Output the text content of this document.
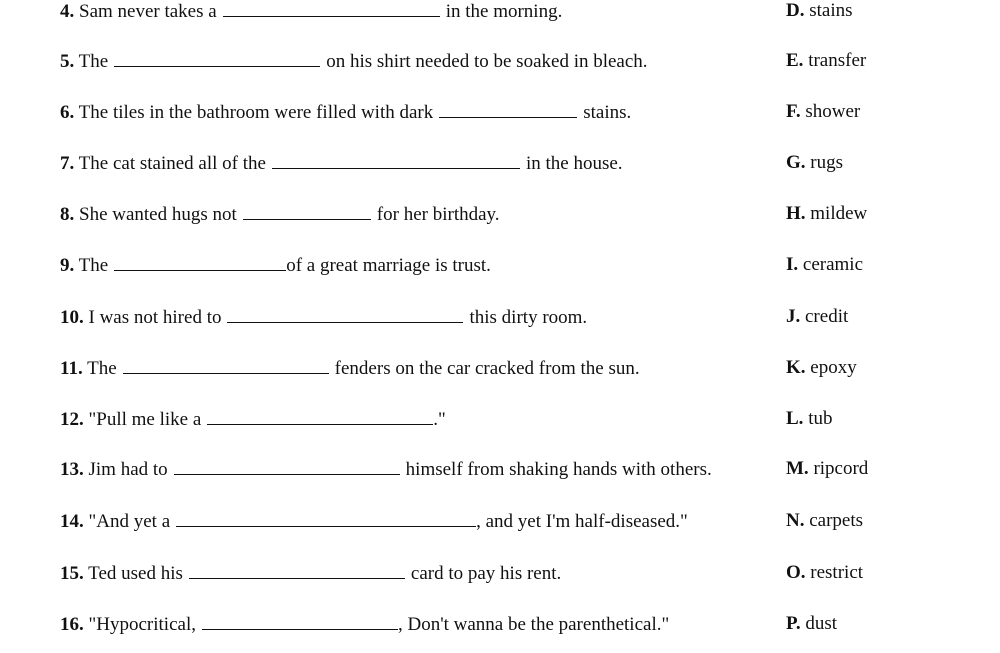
4. Sam never takes a	in the morning.	D. stains
5. The	on his shirt needed to be soaked in bleach.	E. transfer
6. The tiles in the bathroom were filled with dark	stains.	F. shower
7. The cat stained all of the	in the house.	G. rugs
8. She wanted hugs not	for her birthday.	H. mildew
9. The	of a great marriage is trust.	I. ceramic
10. I was not hired to	this dirty room.	J. credit
11. The	fenders on the car cracked from the sun.	K. epoxy
12. "Pull me like a	."	L. tub
13. Jim had to	himself from shaking hands with others.	M. ripcord
14. "And yet a	, and yet I'm half-diseased."	N. carpets
15. Ted used his	card to pay his rent.	O. restrict
16. "Hypocritical,	, Don't wanna be the parenthetical."	P. dust
